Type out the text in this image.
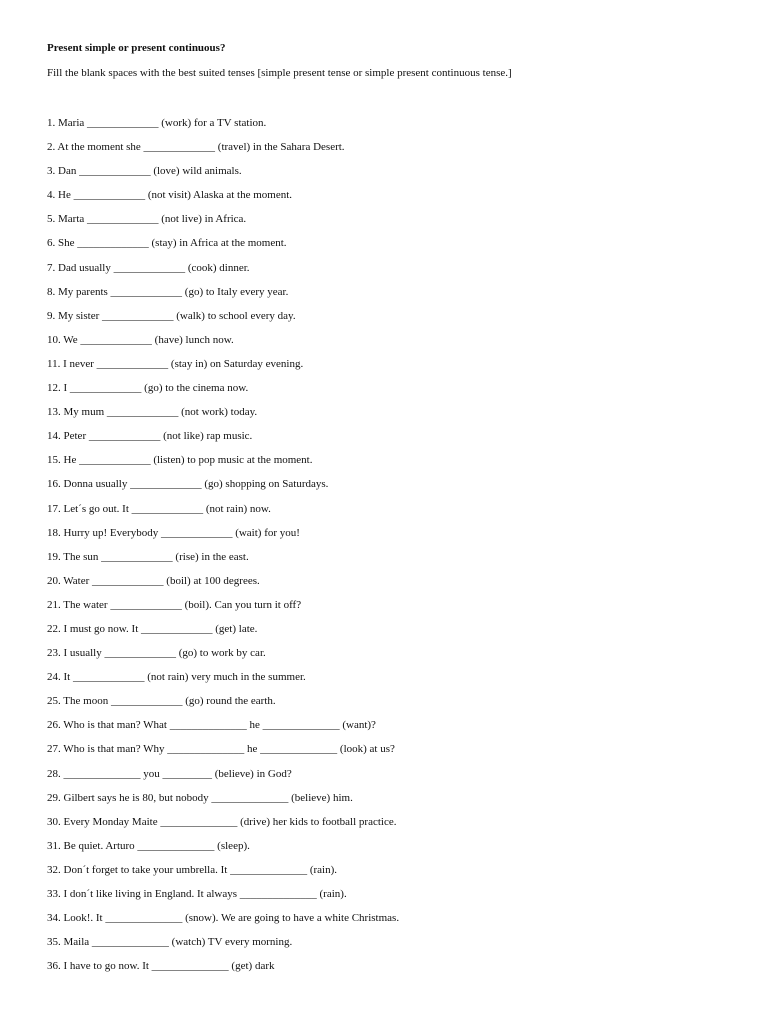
Present simple or present continuous?
Fill the blank spaces with the best suited tenses [simple present tense or simple present continuous tense.]
1. Maria _____________ (work) for a TV station.
2. At the moment she _____________ (travel) in the Sahara Desert.
3. Dan _____________ (love) wild animals.
4. He _____________ (not visit) Alaska at the moment.
5. Marta _____________ (not live) in Africa.
6. She _____________ (stay) in Africa at the moment.
7. Dad usually _____________ (cook) dinner.
8. My parents _____________ (go) to Italy every year.
9. My sister _____________ (walk) to school every day.
10. We _____________ (have) lunch now.
11. I never _____________ (stay in) on Saturday evening.
12. I _____________ (go) to the cinema now.
13. My mum _____________ (not work) today.
14. Peter _____________ (not like) rap music.
15. He _____________ (listen) to pop music at the moment.
16. Donna usually _____________ (go) shopping on Saturdays.
17. Let´s go out. It _____________ (not rain) now.
18. Hurry up! Everybody _____________ (wait) for you!
19. The sun _____________ (rise) in the east.
20. Water _____________ (boil) at 100 degrees.
21. The water _____________ (boil). Can you turn it off?
22. I must go now. It _____________ (get) late.
23. I usually _____________ (go) to work by car.
24. It _____________ (not rain) very much in the summer.
25. The moon _____________ (go) round the earth.
26. Who is that man? What ______________ he ______________ (want)?
27. Who is that man? Why ______________ he ______________ (look) at us?
28. ______________ you _________ (believe) in God?
29. Gilbert says he is 80, but nobody ______________ (believe) him.
30. Every Monday Maite ______________ (drive) her kids to football practice.
31. Be quiet. Arturo ______________ (sleep).
32. Don´t forget to take your umbrella. It ______________ (rain).
33. I don´t like living in England. It always ______________ (rain).
34. Look!. It ______________ (snow). We are going to have a white Christmas.
35. Maila ______________ (watch) TV every morning.
36. I have to go now. It ______________ (get) dark
